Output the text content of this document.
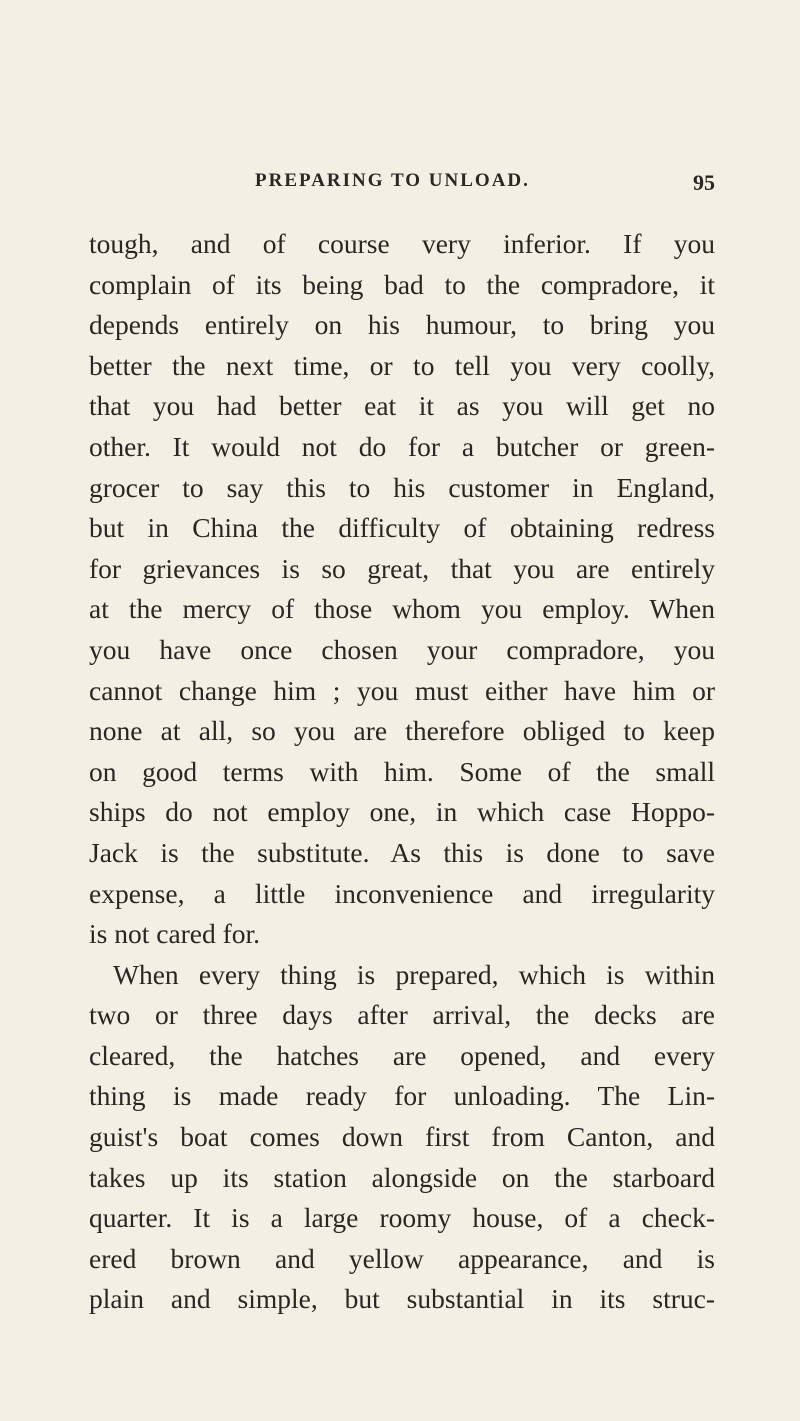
PREPARING TO UNLOAD.	95
tough, and of course very inferior. If you
complain of its being bad to the compradore, it
depends entirely on his humour, to bring you
better the next time, or to tell you very coolly,
that you had better eat it as you will get no
other. It would not do for a butcher or green-
grocer to say this to his customer in England,
but in China the difficulty of obtaining redress
for grievances is so great, that you are entirely
at the mercy of those whom you employ. When
you have once chosen your compradore, you
cannot change him ; you must either have him or
none at all, so you are therefore obliged to keep
on good terms with him. Some of the small
ships do not employ one, in which case Hoppo-
Jack is the substitute. As this is done to save
expense, a little inconvenience and irregularity
is not cared for.
When every thing is prepared, which is within
two or three days after arrival, the decks are
cleared, the hatches are opened, and every
thing is made ready for unloading. The Lin-
guist's boat comes down first from Canton, and
takes up its station alongside on the starboard
quarter. It is a large roomy house, of a check-
ered brown and yellow appearance, and is
plain and simple, but substantial in its struc-
